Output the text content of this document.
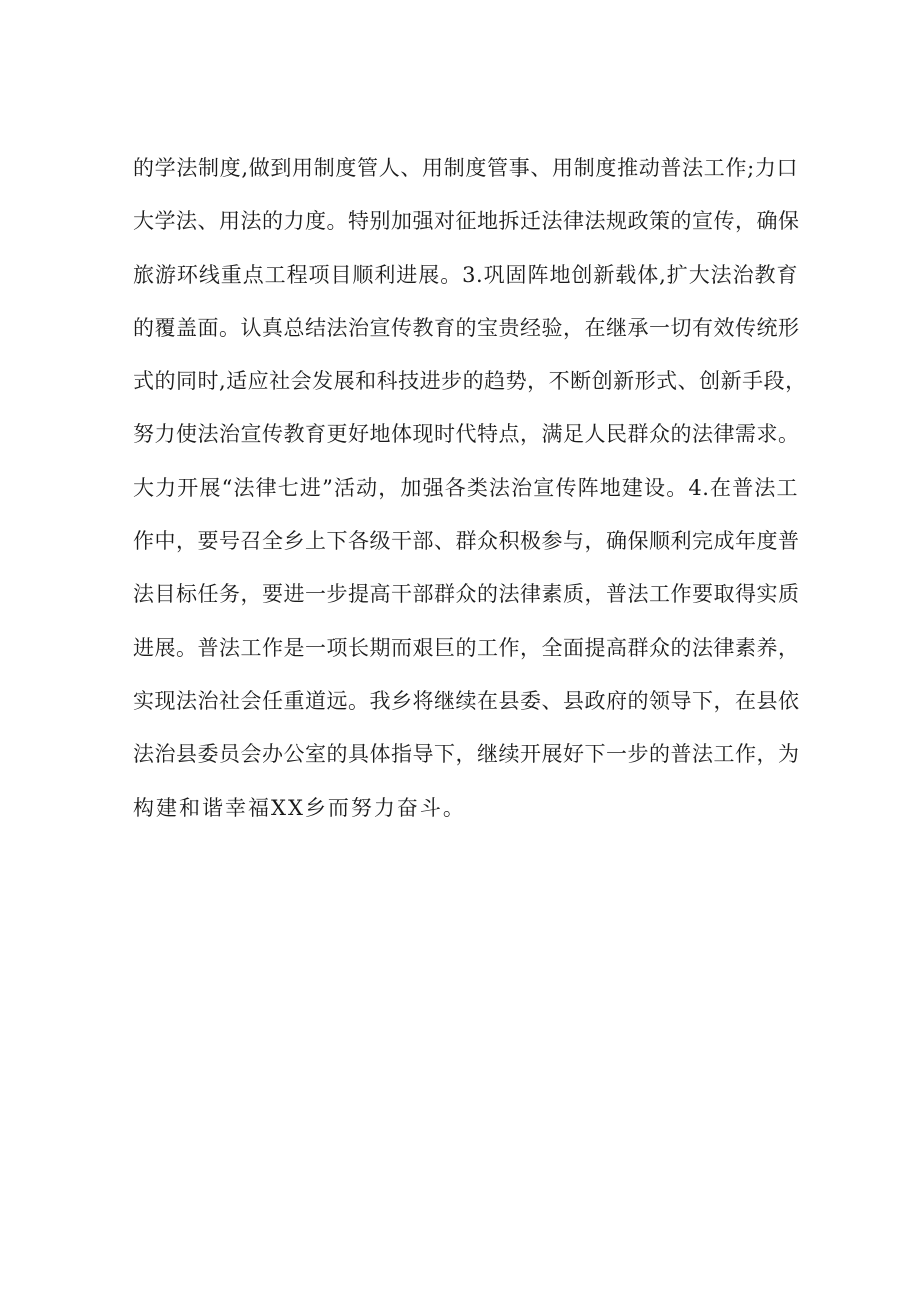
的学法制度,做到用制度管人、用制度管事、用制度推动普法工作;力口
大学法、用法的力度。特别加强对征地拆迁法律法规政策的宣传，确保
旅游环线重点工程项目顺利进展。3.巩固阵地创新载体,扩大法治教育
的覆盖面。认真总结法治宣传教育的宝贵经验，在继承一切有效传统形
式的同时,适应社会发展和科技进步的趋势，不断创新形式、创新手段，
努力使法治宣传教育更好地体现时代特点，满足人民群众的法律需求。
大力开展“法律七进”活动，加强各类法治宣传阵地建设。4.在普法工
作中，要号召全乡上下各级干部、群众积极参与，确保顺利完成年度普
法目标任务，要进一步提高干部群众的法律素质，普法工作要取得实质
进展。普法工作是一项长期而艰巨的工作，全面提高群众的法律素养，
实现法治社会任重道远。我乡将继续在县委、县政府的领导下，在县依
法治县委员会办公室的具体指导下，继续开展好下一步的普法工作，为
构建和谐幸福XX乡而努力奋斗。
